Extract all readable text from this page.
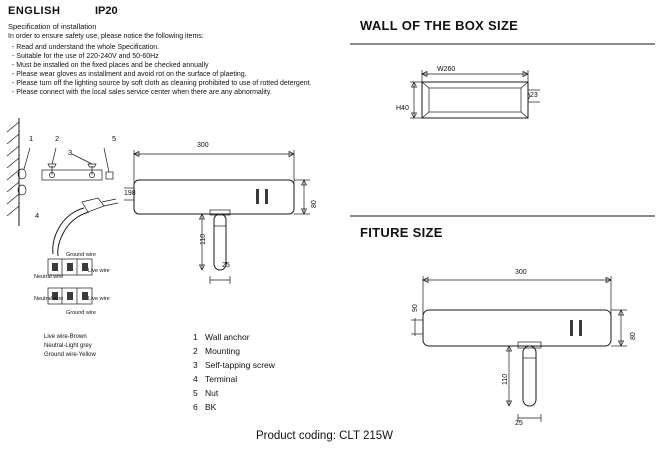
ENGLISH	IP20
Specification of installation
In order to ensure safety use, please notice the following items:
- Read and understand the whole Specification.
- Suitable for the use of 220-240V and 50-60Hz
- Must be installed on the fixed places and be checked annually
- Please wear gloves as installment and avoid rot on the surface of plaeting.
- Please turn off the lighting source by soft cloth as cleaning prohibited to use of rotted detergent.
- Please connect with the local sales service center when there are any abnormality.
WALL OF THE BOX SIZE
W260
H40
23
FITURE SIZE
300
90
80
110
25
1	2
3
5
4
Ground wire
Live wire
Neutral wire
Neutral wire	Live wire
Ground wire
Live wire-Brown
Neutral-Light grey
Ground wire-Yellow
300
198
80
110
25
1 Wall anchor
2 Mounting
3 Self-tapping screw
4 Terminal
5 Nut
6 BK
Product coding: CLT 215W
